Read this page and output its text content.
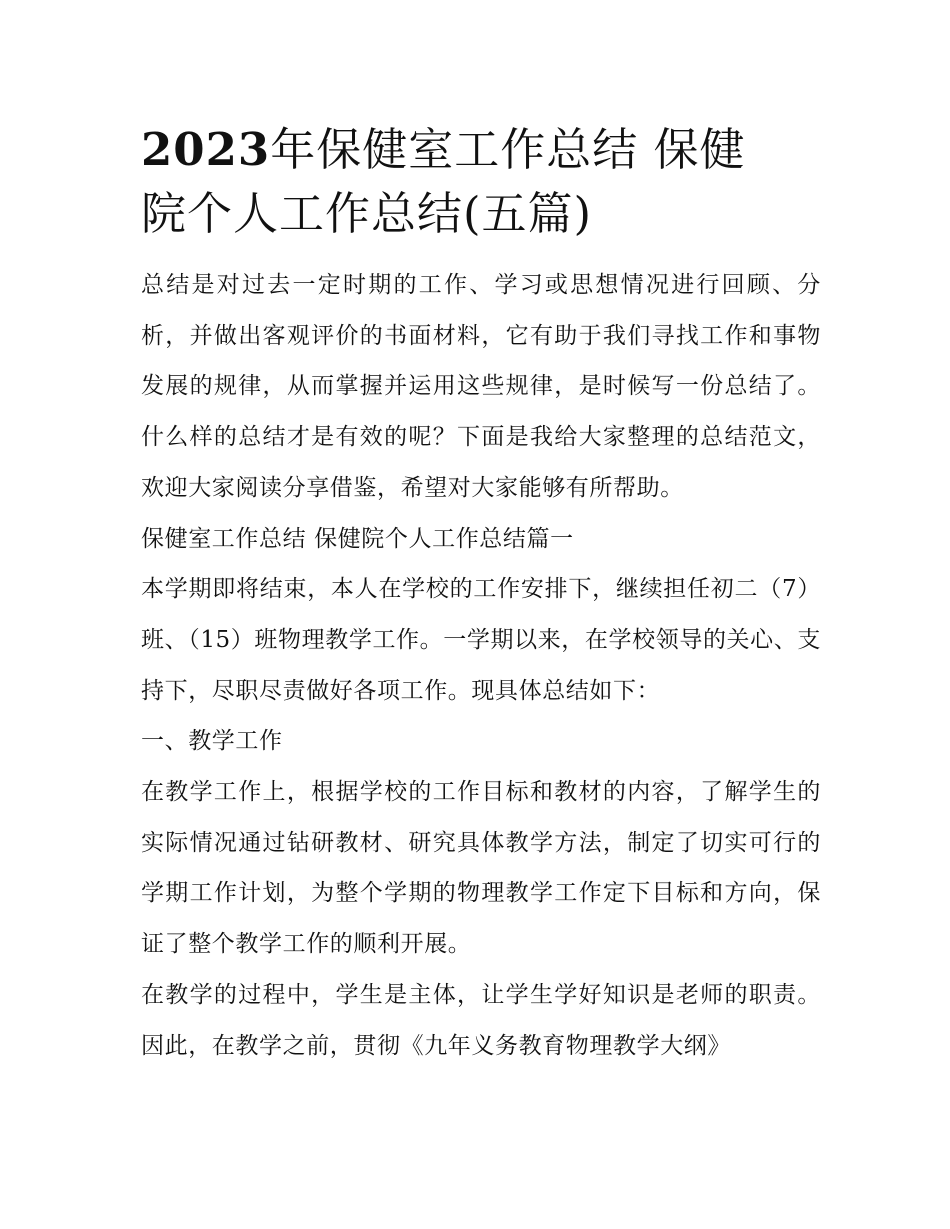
2023年保健室工作总结 保健
院个人工作总结(五篇)

总结是对过去一定时期的工作、学习或思想情况进行回顾、分析，并做出客观评价的书面材料，它有助于我们寻找工作和事物发展的规律，从而掌握并运用这些规律，是时候写一份总结了。什么样的总结才是有效的呢？下面是我给大家整理的总结范文，欢迎大家阅读分享借鉴，希望对大家能够有所帮助。

保健室工作总结 保健院个人工作总结篇一

本学期即将结束，本人在学校的工作安排下，继续担任初二（7）班、（15）班物理教学工作。一学期以来，在学校领导的关心、支持下，尽职尽责做好各项工作。现具体总结如下：

一、教学工作

在教学工作上，根据学校的工作目标和教材的内容，了解学生的实际情况通过钻研教材、研究具体教学方法，制定了切实可行的学期工作计划，为整个学期的物理教学工作定下目标和方向，保证了整个教学工作的顺利开展。

在教学的过程中，学生是主体，让学生学好知识是老师的职责。因此，在教学之前，贯彻《九年义务教育物理教学大纲》
